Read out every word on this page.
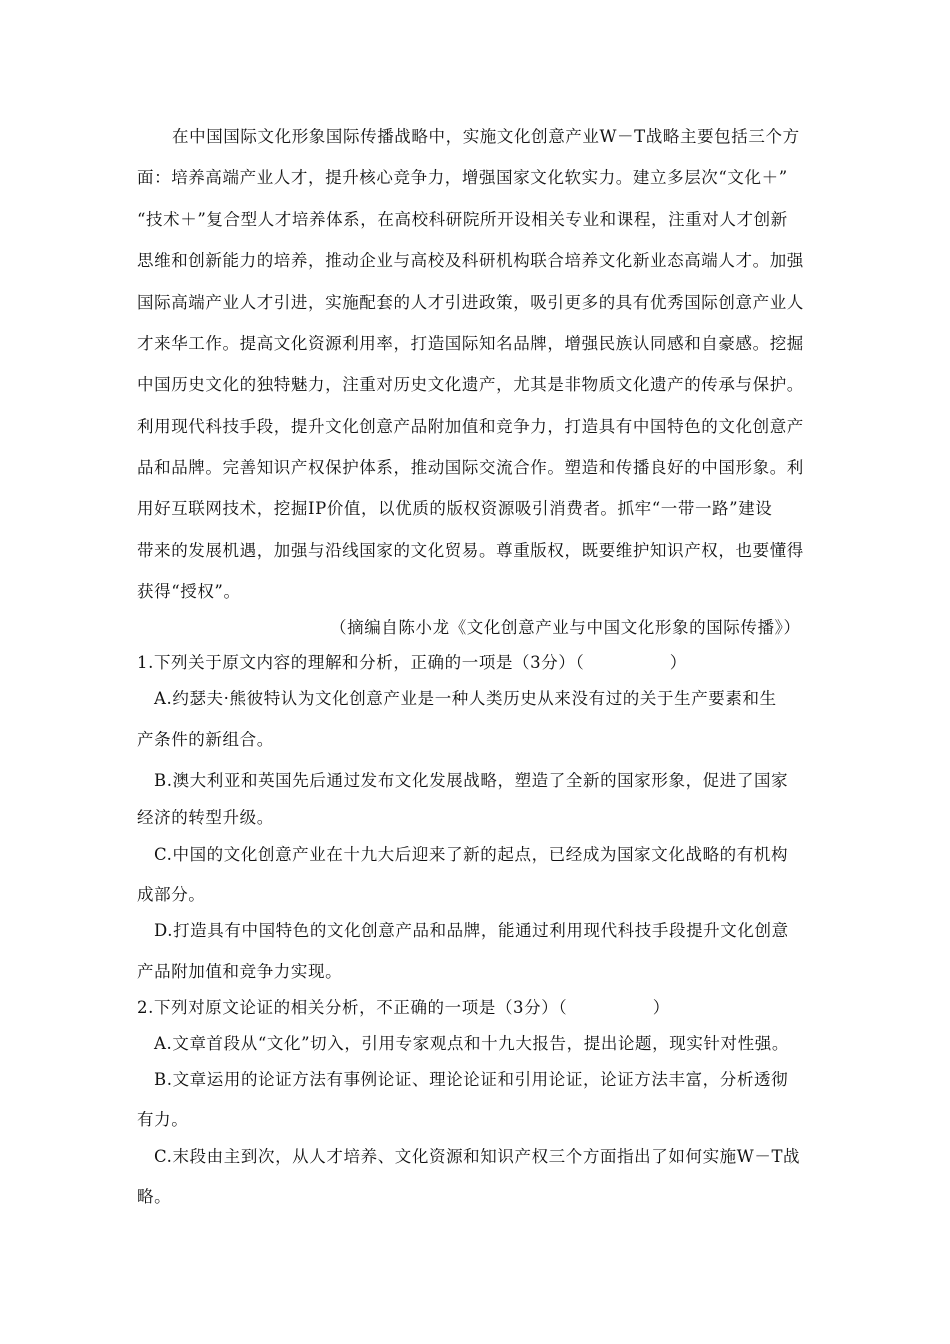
在中国国际文化形象国际传播战略中，实施文化创意产业W－T战略主要包括三个方
面：培养高端产业人才，提升核心竞争力，增强国家文化软实力。建立多层次“文化＋”
“技术＋”复合型人才培养体系，在高校科研院所开设相关专业和课程，注重对人才创新
思维和创新能力的培养，推动企业与高校及科研机构联合培养文化新业态高端人才。加强
国际高端产业人才引进，实施配套的人才引进政策，吸引更多的具有优秀国际创意产业人
才来华工作。提高文化资源利用率，打造国际知名品牌，增强民族认同感和自豪感。挖掘
中国历史文化的独特魅力，注重对历史文化遗产，尤其是非物质文化遗产的传承与保护。
利用现代科技手段，提升文化创意产品附加值和竞争力，打造具有中国特色的文化创意产
品和品牌。完善知识产权保护体系，推动国际交流合作。塑造和传播良好的中国形象。利
用好互联网技术，挖掘IP价值，以优质的版权资源吸引消费者。抓牢“一带一路”建设
带来的发展机遇，加强与沿线国家的文化贸易。尊重版权，既要维护知识产权，也要懂得
获得“授权”。
（摘编自陈小龙《文化创意产业与中国文化形象的国际传播》）
1.下列关于原文内容的理解和分析，正确的一项是（3分）（　　　　　）
A.约瑟夫·熊彼特认为文化创意产业是一种人类历史从来没有过的关于生产要素和生
产条件的新组合。
B.澳大利亚和英国先后通过发布文化发展战略，塑造了全新的国家形象，促进了国家
经济的转型升级。
C.中国的文化创意产业在十九大后迎来了新的起点，已经成为国家文化战略的有机构
成部分。
D.打造具有中国特色的文化创意产品和品牌，能通过利用现代科技手段提升文化创意
产品附加值和竞争力实现。
2.下列对原文论证的相关分析，不正确的一项是（3分）（　　　　　）
A.文章首段从“文化”切入，引用专家观点和十九大报告，提出论题，现实针对性强。
B.文章运用的论证方法有事例论证、理论论证和引用论证，论证方法丰富，分析透彻
有力。
C.末段由主到次，从人才培养、文化资源和知识产权三个方面指出了如何实施W－T战
略。
